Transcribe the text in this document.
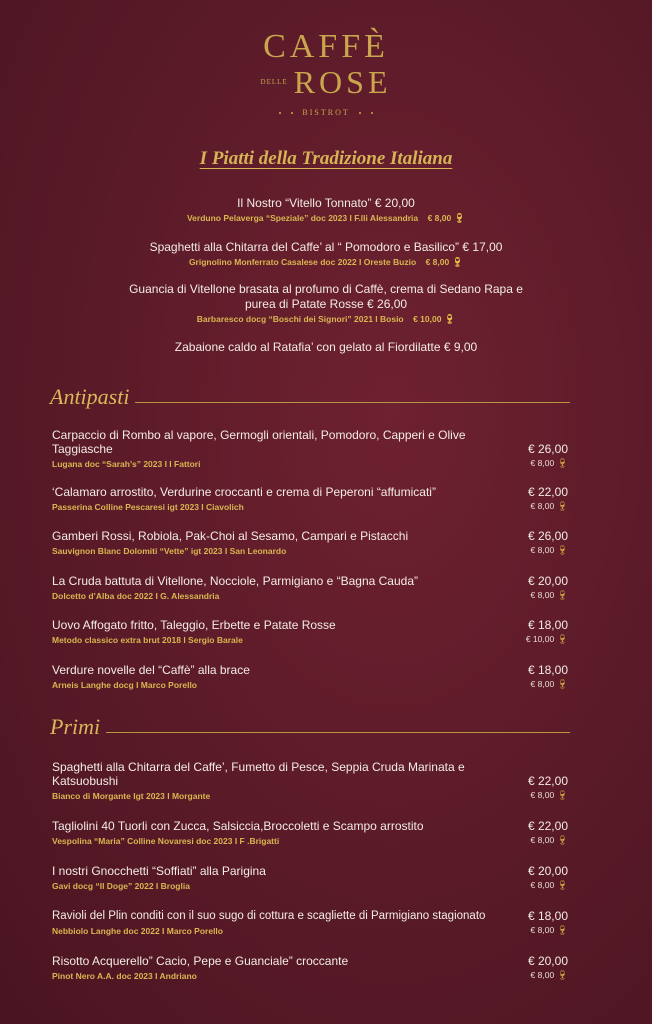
CAFFÈ
DELLE ROSE
BISTROT
I Piatti della Tradizione Italiana
Il Nostro “Vitello Tonnato” € 20,00
Verduno Pelaverga “Speziale” doc 2023 I F.lli Alessandria € 8,00 🍷︎
Spaghetti alla Chitarra del Caffe’ al “ Pomodoro e Basilico” € 17,00
Grignolino Monferrato Casalese doc 2022 I Oreste Buzio € 8,00 🍷︎
Guancia di Vitellone brasata al profumo di Caffè, crema di Sedano Rapa e purea di Patate Rosse € 26,00
Barbaresco docg “Boschi dei Signori” 2021 I Bosio € 10,00 🍷︎
Zabaione caldo al Ratafia’ con gelato al Fiordilatte € 9,00
Antipasti
Carpaccio di Rombo al vapore, Germogli orientali, Pomodoro, Capperi e Olive Taggiasche
Lugana doc “Sarah’s” 2023 I I Fattori
€ 26,00
€ 8,00 🍷︎
‘Calamaro arrostito, Verdurine croccanti e crema di Peperoni “affumicati”
Passerina Colline Pescaresi igt 2023 I Ciavolich
€ 22,00
€ 8,00 🍷︎
Gamberi Rossi, Robiola, Pak-Choi al Sesamo, Campari e Pistacchi
Sauvignon Blanc Dolomiti “Vette” igt 2023 I San Leonardo
€ 26,00
€ 8,00 🍷︎
La Cruda battuta di Vitellone, Nocciole, Parmigiano e “Bagna Cauda”
Dolcetto d’Alba doc 2022 I G. Alessandria
€ 20,00
€ 8,00 🍷︎
Uovo Affogato fritto, Taleggio, Erbette e Patate Rosse
Metodo classico extra brut 2018 I Sergio Barale
€ 18,00
€ 10,00 🍷︎
Verdure novelle del “Caffè” alla brace
Arneis Langhe docg I Marco Porello
€ 18,00
€ 8,00 🍷︎
Primi
Spaghetti alla Chitarra del Caffe’, Fumetto di Pesce, Seppia Cruda Marinata e Katsuobushi
Bianco di Morgante Igt 2023 I Morgante
€ 22,00
€ 8,00 🍷︎
Tagliolini 40 Tuorli con Zucca, Salsiccia,Broccoletti e Scampo arrostito
Vespolina “Maria” Colline Novaresi doc 2023 I F .Brigatti
€ 22,00
€ 8,00 🍷︎
I nostri Gnocchetti “Soffiati” alla Parigina
Gavi docg “Il Doge” 2022 I Broglia
€ 20,00
€ 8,00 🍷︎
Ravioli del Plin conditi con il suo sugo di cottura e scagliette di Parmigiano stagionato
Nebbiolo Langhe doc 2022 I Marco Porello
€ 18,00
€ 8,00 🍷︎
Risotto Acquerello” Cacio, Pepe e Guanciale” croccante
Pinot Nero A.A. doc 2023 I Andriano
€ 20,00
€ 8,00 🍷︎
